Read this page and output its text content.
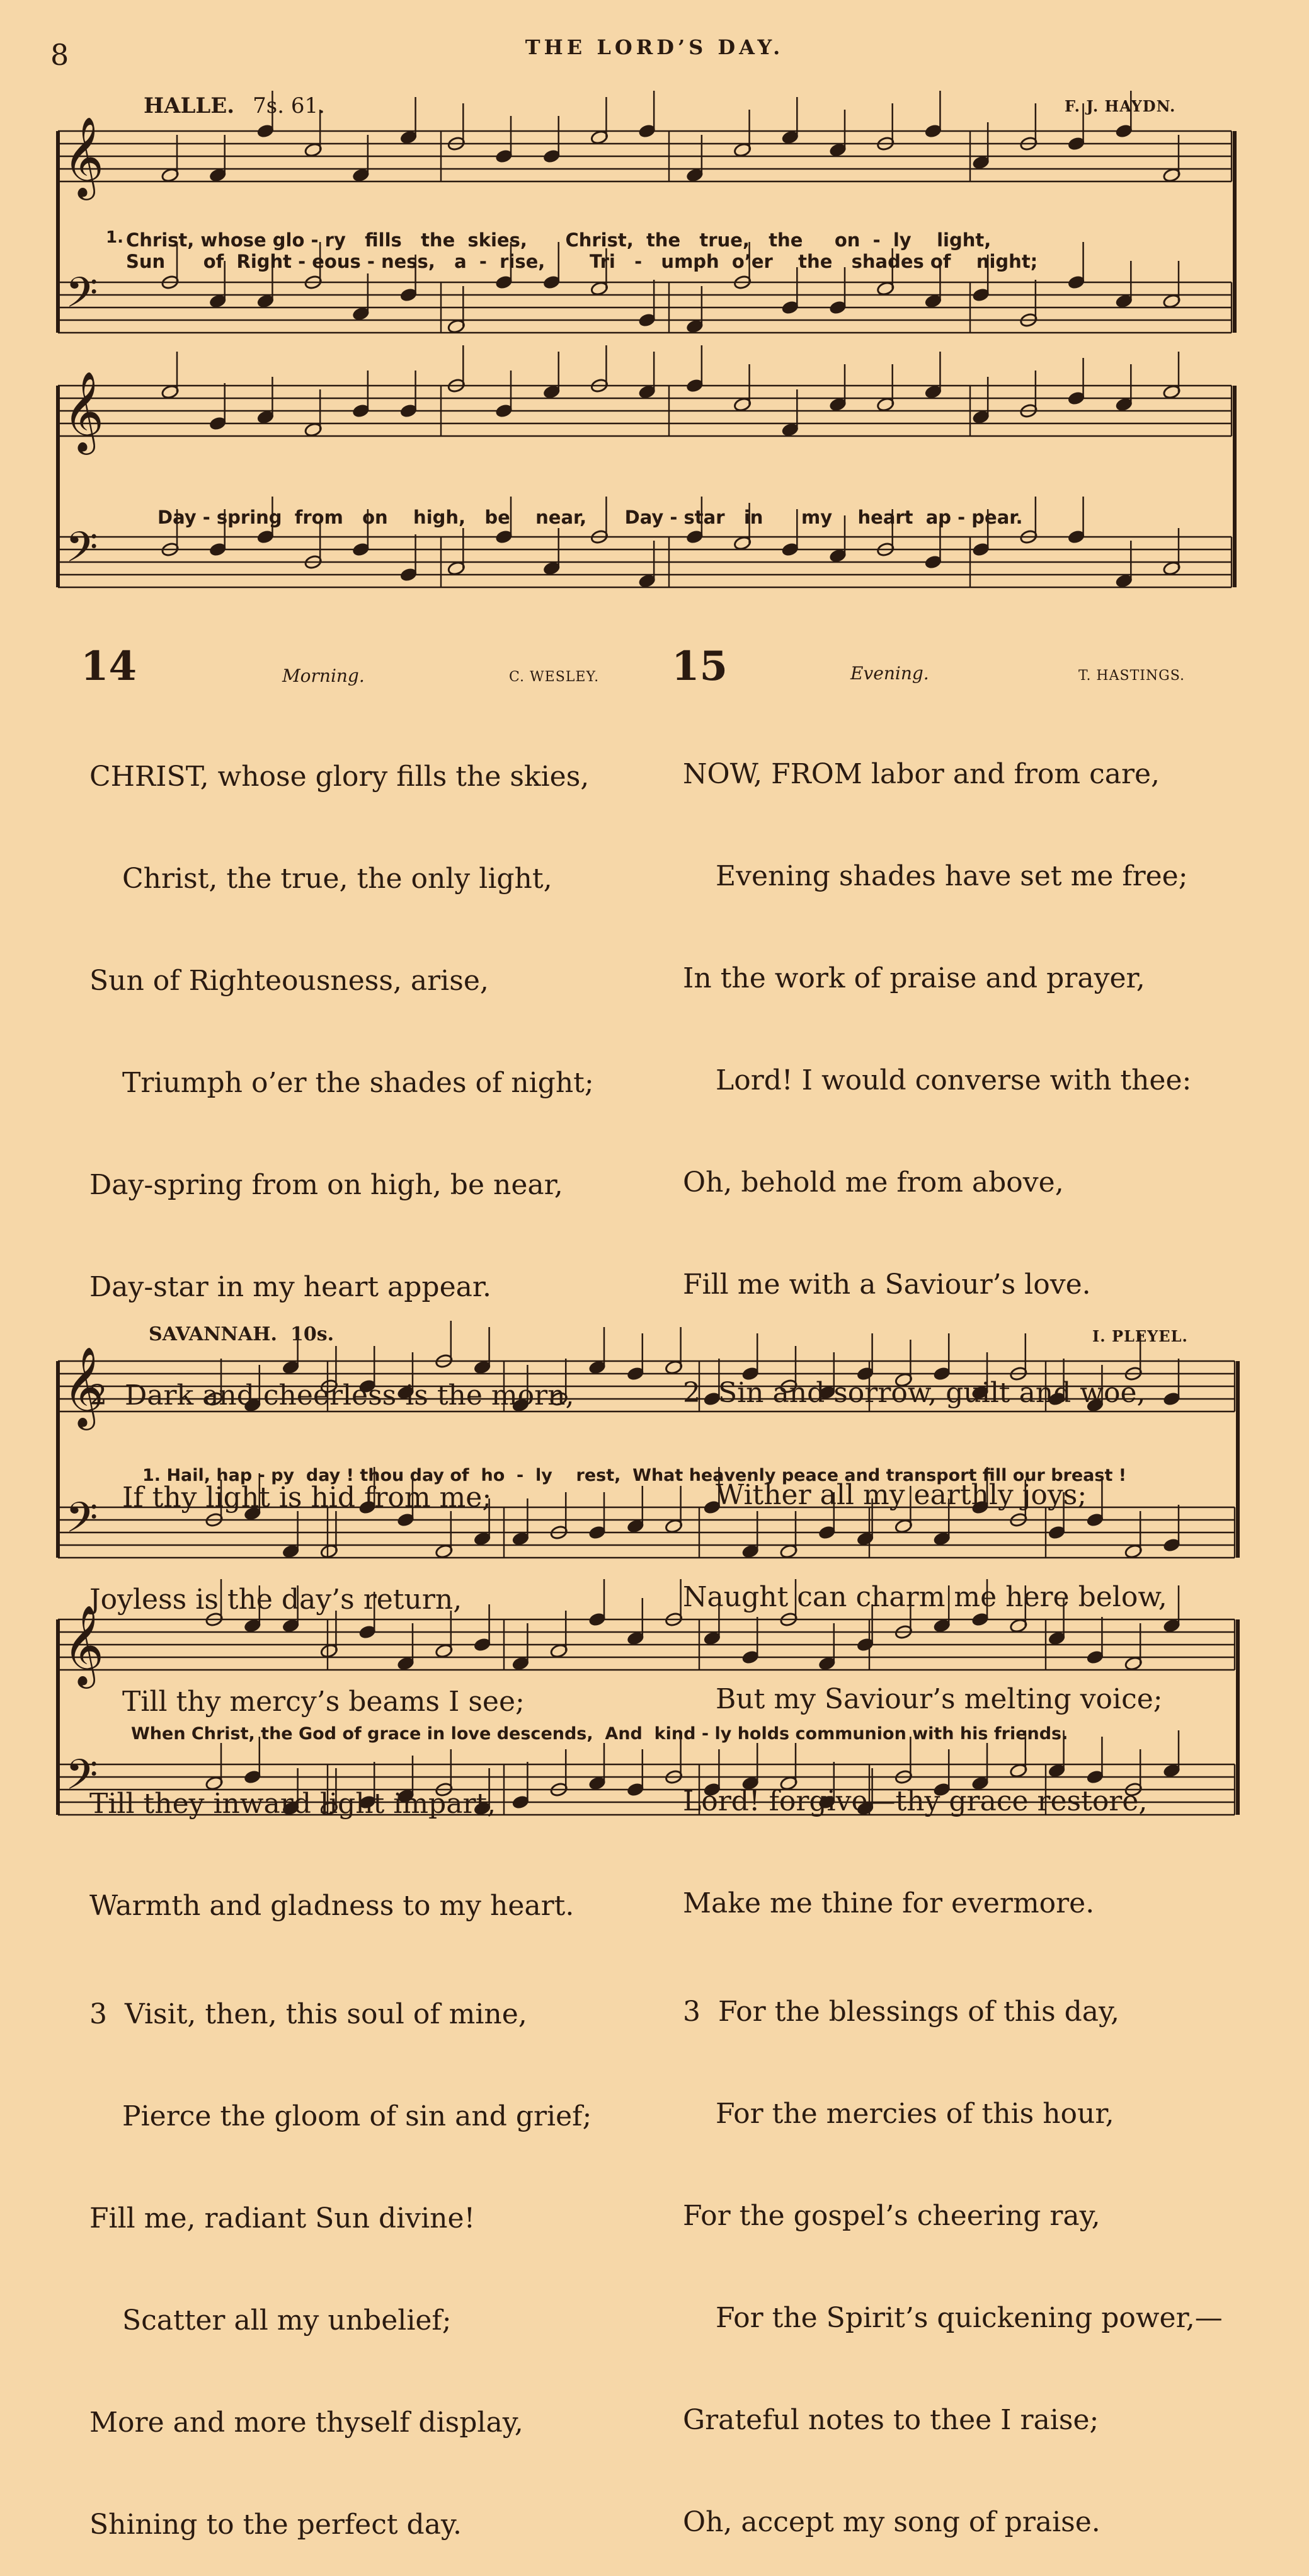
8	THE LORD’S DAY.
HALLE. 7s. 61.	F. J. HAYDN.
𝄞
𝄞
𝄞
𝄞
𝄢
𝄢
𝄢
𝄢
1. Christ, whose glo - ry   fills   the  skies,      Christ,  the   true,   the     on  -  ly    light,
Sun      of  Right - eous - ness,   a  -  rise,       Tri   -   umph  o’er    the   shades of    night;
Day - spring  from   on    high,   be    near,      Day - star   in      my    heart  ap - pear.
14	Morning.	C. WESLEY.

CHRIST, whose glory fills the skies,

Christ, the true, the only light,

Sun of Righteousness, arise,

Triumph o’er the shades of night;

Day-spring from on high, be near,

Day-star in my heart appear.

2  Dark and cheerless is the morn,

If thy light is hid from me;

Joyless is the day’s return,

Till thy mercy’s beams I see;

Till they inward light impart,

Warmth and gladness to my heart.

3  Visit, then, this soul of mine,

Pierce the gloom of sin and grief;

Fill me, radiant Sun divine!

Scatter all my unbelief;

More and more thyself display,

Shining to the perfect day.

15	Evening.	T. HASTINGS.

NOW, FROM labor and from care,

Evening shades have set me free;

In the work of praise and prayer,

Lord! I would converse with thee:

Oh, behold me from above,

Fill me with a Saviour’s love.

2  Sin and sorrow, guilt and woe,

Wither all my earthly joys;

Naught can charm me here below,

But my Saviour’s melting voice;

Lord! forgive—thy grace restore,

Make me thine for evermore.

3  For the blessings of this day,

For the mercies of this hour,

For the gospel’s cheering ray,

For the Spirit’s quickening power,—

Grateful notes to thee I raise;

Oh, accept my song of praise.

SAVANNAH. 10s.	I. PLEYEL.
1. Hail, hap - py  day ! thou day of  ho  -  ly    rest,  What heavenly peace and transport fill our breast !
When Christ, the God of grace in love descends,  And  kind - ly holds communion with his friends.
